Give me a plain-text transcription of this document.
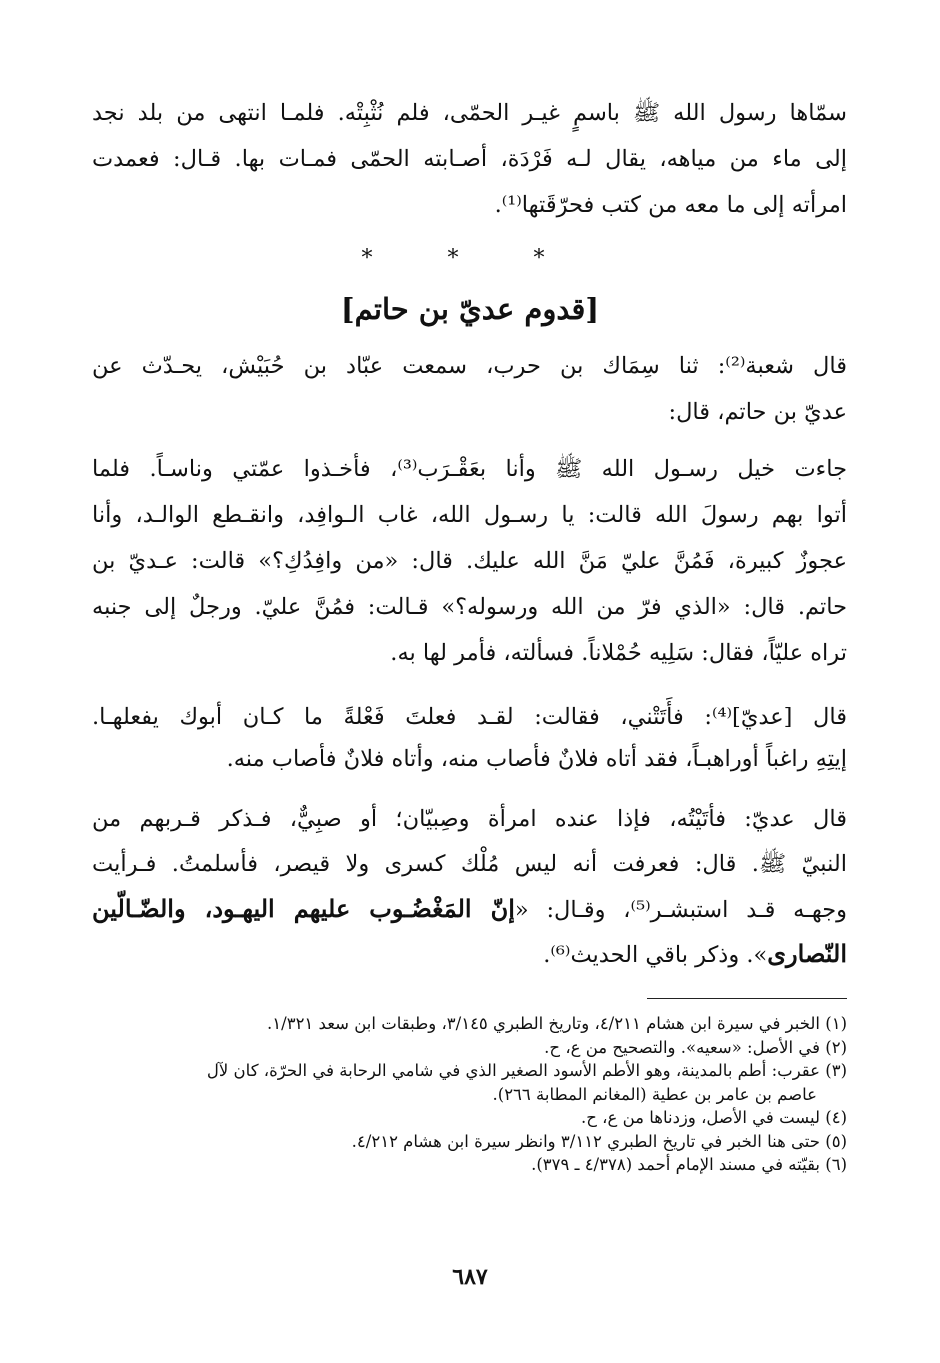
سمّاها رسول الله ﷺ باسمٍ غيـر الحمّى، فلم نُثْبِتْه. فلمـا انتهى من بلد نجد
إلى ماء من مياهه، يقال لـه فَرْدَة، أصـابته الحمّى فمـات بها. قـال: فعمدت
امرأته إلى ما معه من كتب فحرّقَتها⁽¹⁾.
* * *
[قدوم عديّ بن حاتم]
قال شعبة⁽²⁾: ثنا سِمَاك بن حرب، سمعت عبّاد بن حُبَيْش، يحـدّث عن
عديّ بن حاتم، قال:
جاءت خيل رسـول الله ﷺ وأنا بعَقْـرَب⁽³⁾، فأخـذوا عمّتي وناسـاً. فلما
أتوا بهم رسولَ الله قالت: يا رسـول الله، غاب الـوافِد، وانقـطع الوالـد، وأنا
عجوزٌ كبيرة، فَمُنَّ عليّ مَنَّ الله عليك. قال: «من وافِدُكِ؟» قالت: عـديّ بن
حاتم. قال: «الذي فرّ من الله ورسوله؟» قـالت: فمُنَّ عليّ. ورجلٌ إلى جنبه
تراه عليّاً، فقال: سَلِيه حُمْلاناً. فسألته، فأمر لها به.
قال [عديّ]⁽⁴⁾: فأَتَتْني، فقالت: لقـد فعلتَ فَعْلةً ما كـان أبوك يفعلهـا.
إيتِهِ راغباً أوراهبـاً، فقد أتاه فلانٌ فأصاب منه، وأتاه فلانٌ فأصاب منه.
قال عديّ: فأتَيْتُه، فإذا عنده امرأة وصِبيّان؛ أو صبِيٌّ، فـذكر قـربهم من
النبيّ ﷺ. قال: فعرفت أنه ليس مُلْك كسرى ولا قيصر، فأسلمتُ. فـرأيت
وجهـه قـد استبشـر⁽⁵⁾، وقـال: «إنّ المَغْضُـوب عليهم اليهـود، والضّـالّين
النّصارى». وذكر باقي الحديث⁽⁶⁾.
(١) الخبر في سيرة ابن هشام ٤/٢١١، وتاريخ الطبري ٣/١٤٥، وطبقات ابن سعد ١/٣٢١.
(٢) في الأصل: «سعيه». والتصحيح من ع، ح.
(٣) عقرب: أطم بالمدينة، وهو الأطم الأسود الصغير الذي في شامي الرحابة في الحرّة، كان لآل
عاصم بن عامر بن عطية (المغانم المطابة ٢٦٦).
(٤) ليست في الأصل، وزدناها من ع، ح.
(٥) حتى هنا الخبر في تاريخ الطبري ٣/١١٢ وانظر سيرة ابن هشام ٤/٢١٢.
(٦) بقيّته في مسند الإمام أحمد (٤/٣٧٨ ـ ٣٧٩).
٦٨٧
